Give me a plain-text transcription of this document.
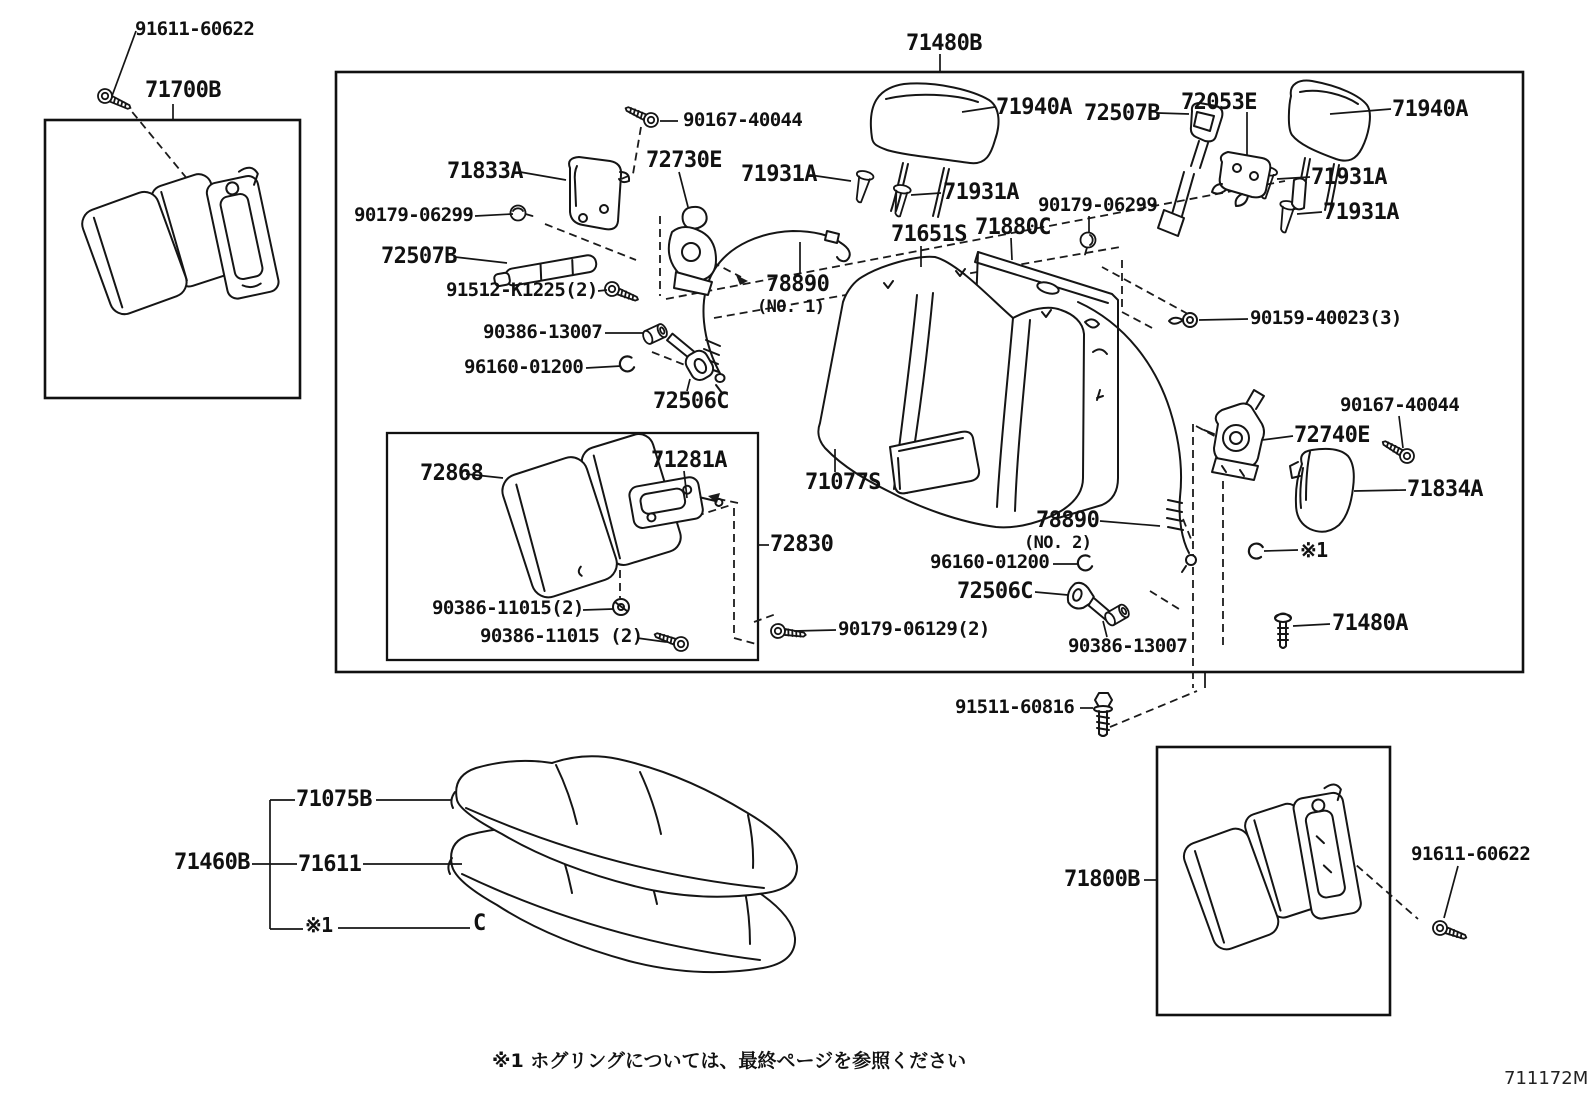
91611-60622
71700B
71480B
90167-40044
71833A	72730E
71931A
71931A
71940A 72507B 72053E	71940A
71931A
71931A
90179-06299
71651S 71880C
90179-06299
72507B
91512-K1225(2)
90386-13007
96160-01200
72506C
78890
(NO. 1)
71077S
90159-40023(3)
90167-40044
72740E
71834A
※1
71480A
72868
71281A
72830
90386-11015(2)
90386-11015 (2)	90179-06129(2)
96160-01200
72506C
78890
(NO. 2)
90386-13007
91511-60816
71075B
71460B 71611
※1	C
71800B
91611-60622
※1 ホグリングについては、最終ページを参照ください
711172M
